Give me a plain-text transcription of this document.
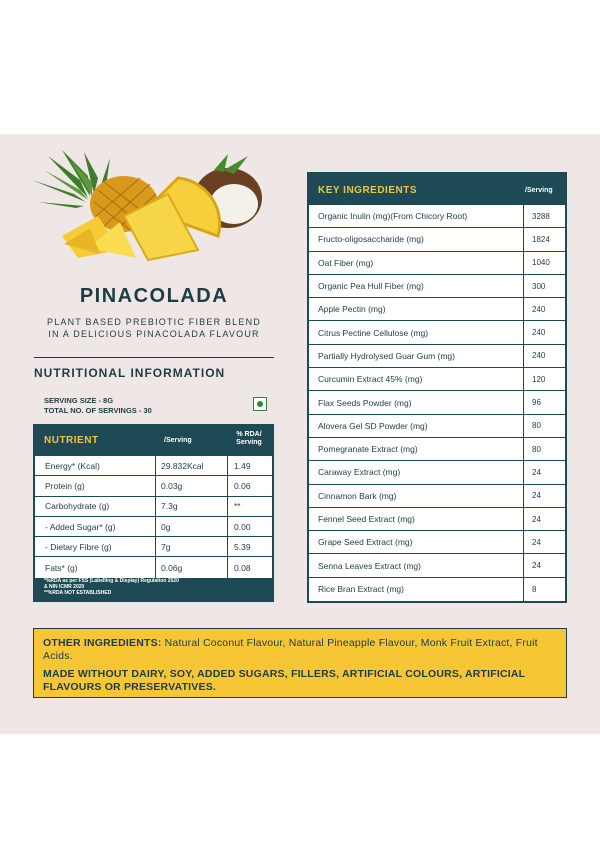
PINACOLADA
PLANT BASED PREBIOTIC FIBER BLEND
IN A DELICIOUS PINACOLADA FLAVOUR
NUTRITIONAL INFORMATION
SERVING SIZE - 8G
TOTAL NO. OF SERVINGS - 30
NUTRIENT	/Serving
% RDA/
Serving
Energy* (Kcal)	29.832Kcal	1.49
Protein (g)	0.03g	0.06
Carbohydrate (g)	7.3g	**
- Added Sugar* (g)	0g	0.00
- Dietary Fibre (g)	7g	5.39
Fats* (g)	0.06g	0.08
*%RDA as per FSS (Labelling & Display) Regulation 2020
& NIN ICMR 2020
**%RDA NOT ESTABLISHED
KEY INGREDIENTS	/Serving
Organic Inulin (mg)(From Chicory Root)	3288
Fructo-oligosaccharide (mg)	1824
Oat Fiber (mg)	1040
Organic Pea Hull Fiber (mg)	300
Apple Pectin (mg)	240
Citrus Pectine Cellulose (mg)	240
Partially Hydrolysed Guar Gum (mg)	240
Curcumin Extract 45% (mg)	120
Flax Seeds Powder (mg)	96
Alovera Gel SD Powder (mg)	80
Pomegranate Extract (mg)	80
Caraway Extract (mg)	24
Cinnamon Bark (mg)	24
Fennel Seed Extract (mg)	24
Grape Seed Extract (mg)	24
Senna Leaves Extract (mg)	24
Rice Bran Extract (mg)	8

OTHER INGREDIENTS: Natural Coconut Flavour, Natural Pineapple Flavour, Monk Fruit Extract, Fruit Acids.

MADE WITHOUT DAIRY, SOY, ADDED SUGARS, FILLERS, ARTIFICIAL COLOURS, ARTIFICIAL FLAVOURS OR PRESERVATIVES.
